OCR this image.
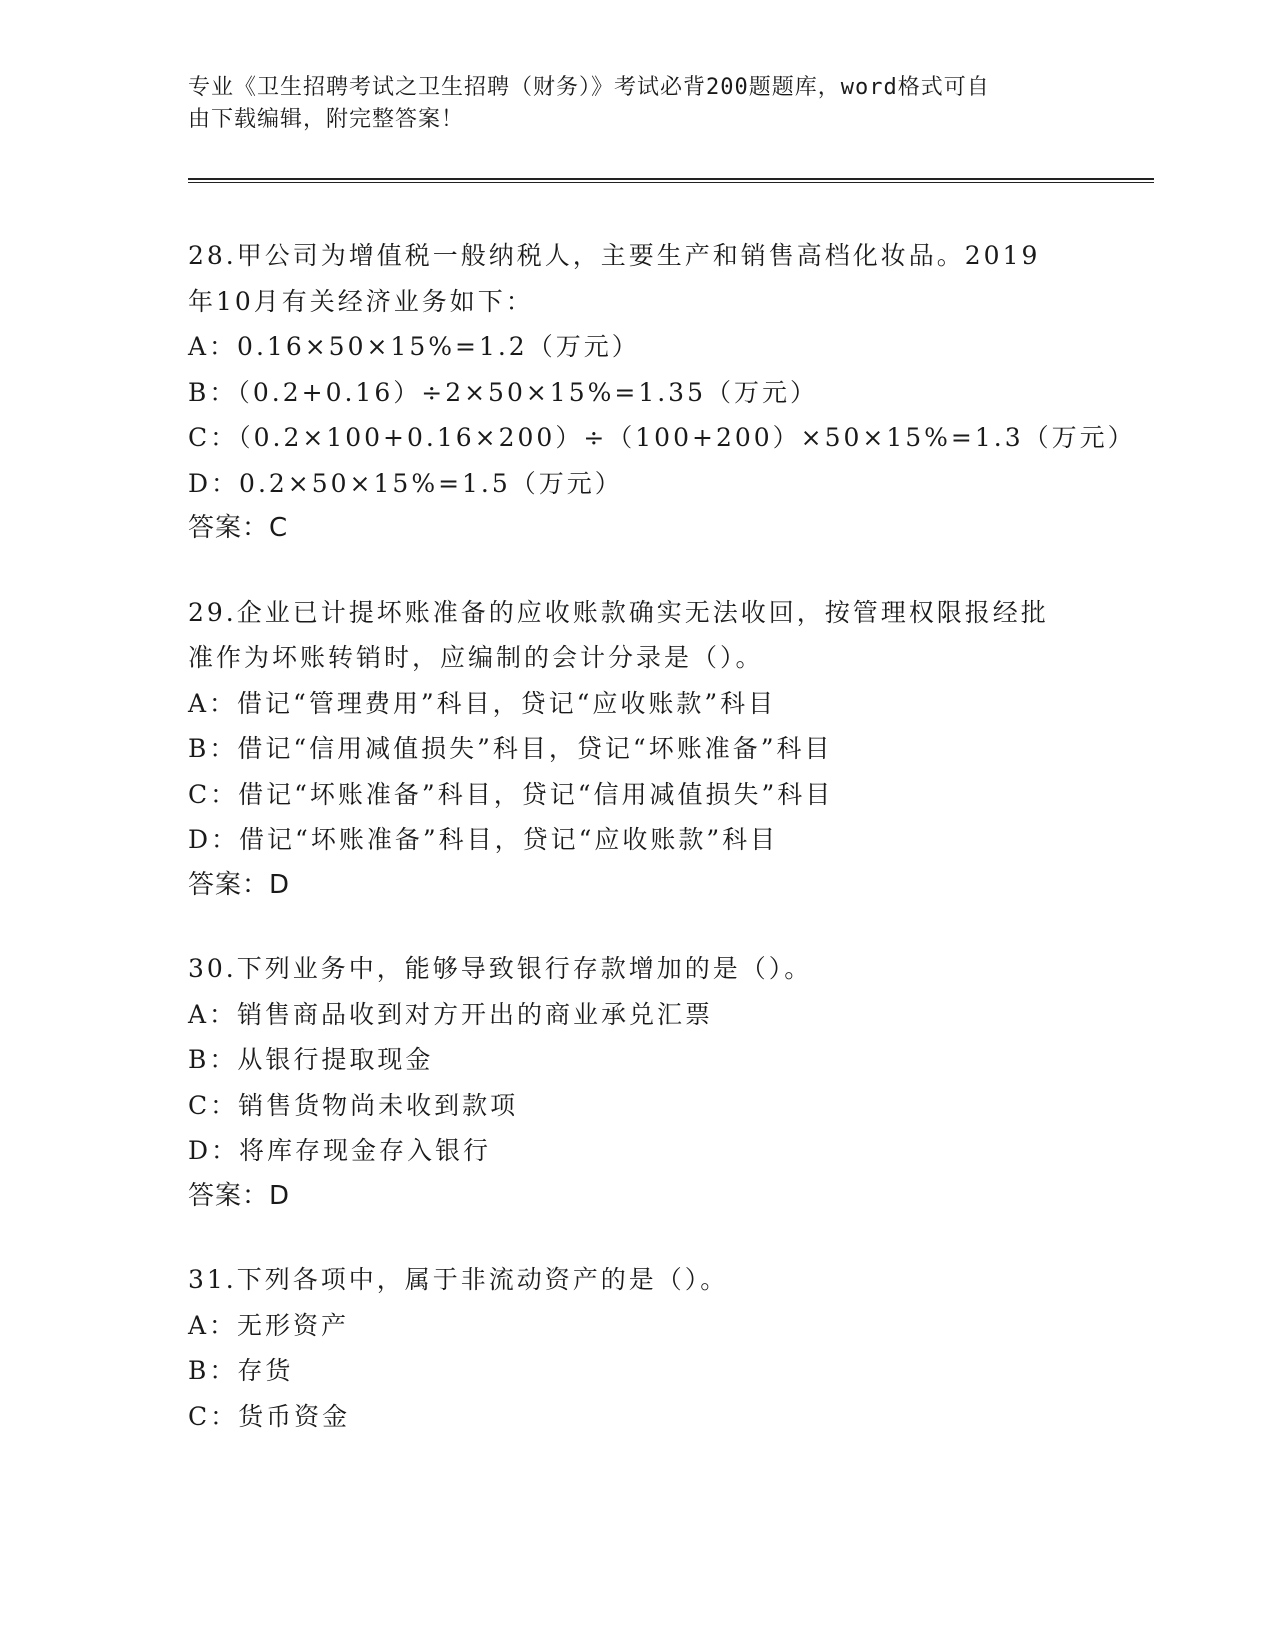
专业《卫生招聘考试之卫生招聘（财务）》考试必背200题题库，word格式可自
由下载编辑，附完整答案！
28.甲公司为增值税一般纳税人，主要生产和销售高档化妆品。2019
年10月有关经济业务如下：
A：0.16×50×15%=1.2（万元）
B：（0.2+0.16）÷2×50×15%=1.35（万元）
C：（0.2×100+0.16×200）÷（100+200）×50×15%=1.3（万元）
D：0.2×50×15%=1.5（万元）
答案：C
29.企业已计提坏账准备的应收账款确实无法收回，按管理权限报经批
准作为坏账转销时，应编制的会计分录是（）。
A：借记“管理费用”科目，贷记“应收账款”科目
B：借记“信用减值损失”科目，贷记“坏账准备”科目
C：借记“坏账准备”科目，贷记“信用减值损失”科目
D：借记“坏账准备”科目，贷记“应收账款”科目
答案：D
30.下列业务中，能够导致银行存款增加的是（）。
A：销售商品收到对方开出的商业承兑汇票
B：从银行提取现金
C：销售货物尚未收到款项
D：将库存现金存入银行
答案：D
31.下列各项中，属于非流动资产的是（）。
A：无形资产
B：存货
C：货币资金
